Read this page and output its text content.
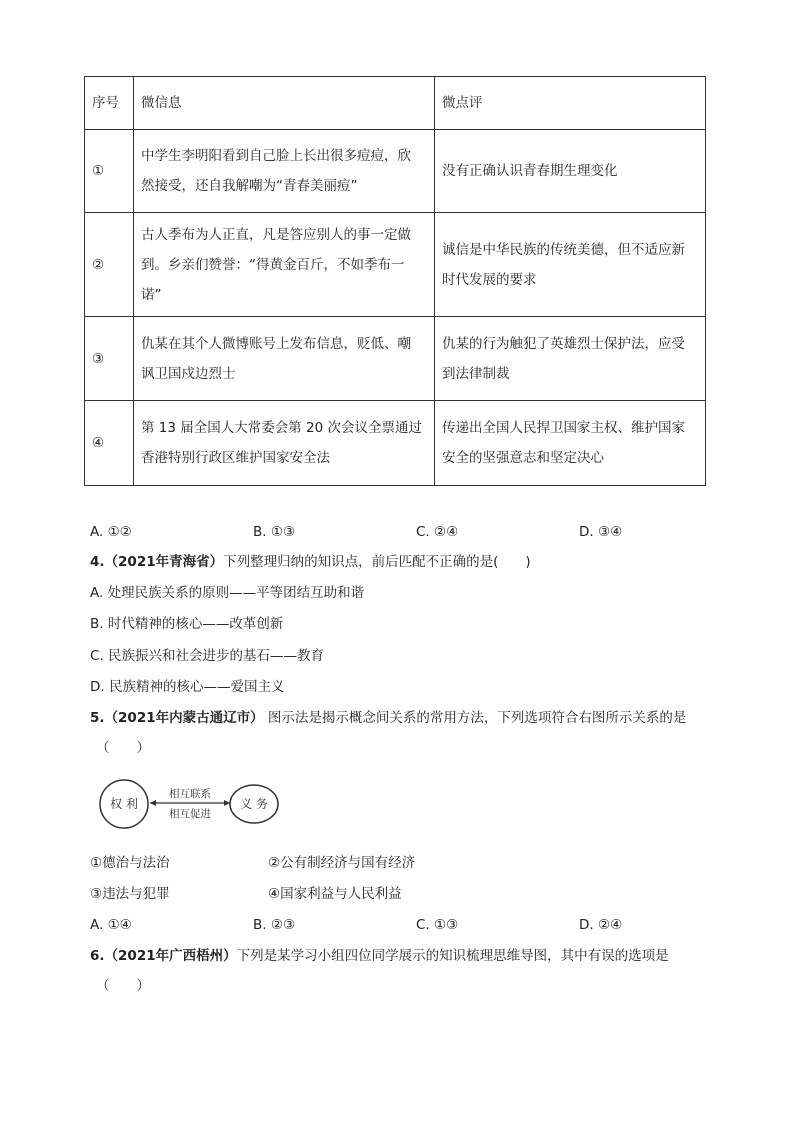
序号	微信息	微点评
①	中学生李明阳看到自己脸上长出很多痘痘，欣
然接受，还自我解嘲为“青春美丽痘”	没有正确认识青春期生理变化
②	古人季布为人正直，凡是答应别人的事一定做
到。乡亲们赞誉：“得黄金百斤，不如季布一
诺”	诚信是中华民族的传统美德，但不适应新
时代发展的要求
③	仇某在其个人微博账号上发布信息，贬低、嘲
讽卫国戍边烈士	仇某的行为触犯了英雄烈士保护法，应受
到法律制裁
④	第 13 届全国人大常委会第 20 次会议全票通过
香港特别行政区维护国家安全法	传递出全国人民捍卫国家主权、维护国家
安全的坚强意志和坚定决心
A. ①②	B. ①③	C. ②④	D. ③④
4.（2021年青海省）下列整理归纳的知识点，前后匹配不正确的是(　　)
A. 处理民族关系的原则——平等团结互助和谐
B. 时代精神的核心——改革创新
C. 民族振兴和社会进步的基石——教育
D. 民族精神的核心——爱国主义
5.（2021年内蒙古通辽市） 图示法是揭示概念间关系的常用方法，下列选项符合右图所示关系的是
（　　）
权 利	义 务
相互联系
相互促进
①德治与法治	②公有制经济与国有经济
③违法与犯罪	④国家利益与人民利益
A. ①④	B. ②③	C. ①③	D. ②④
6.（2021年广西梧州）下列是某学习小组四位同学展示的知识梳理思维导图，其中有误的选项是
（　　）
